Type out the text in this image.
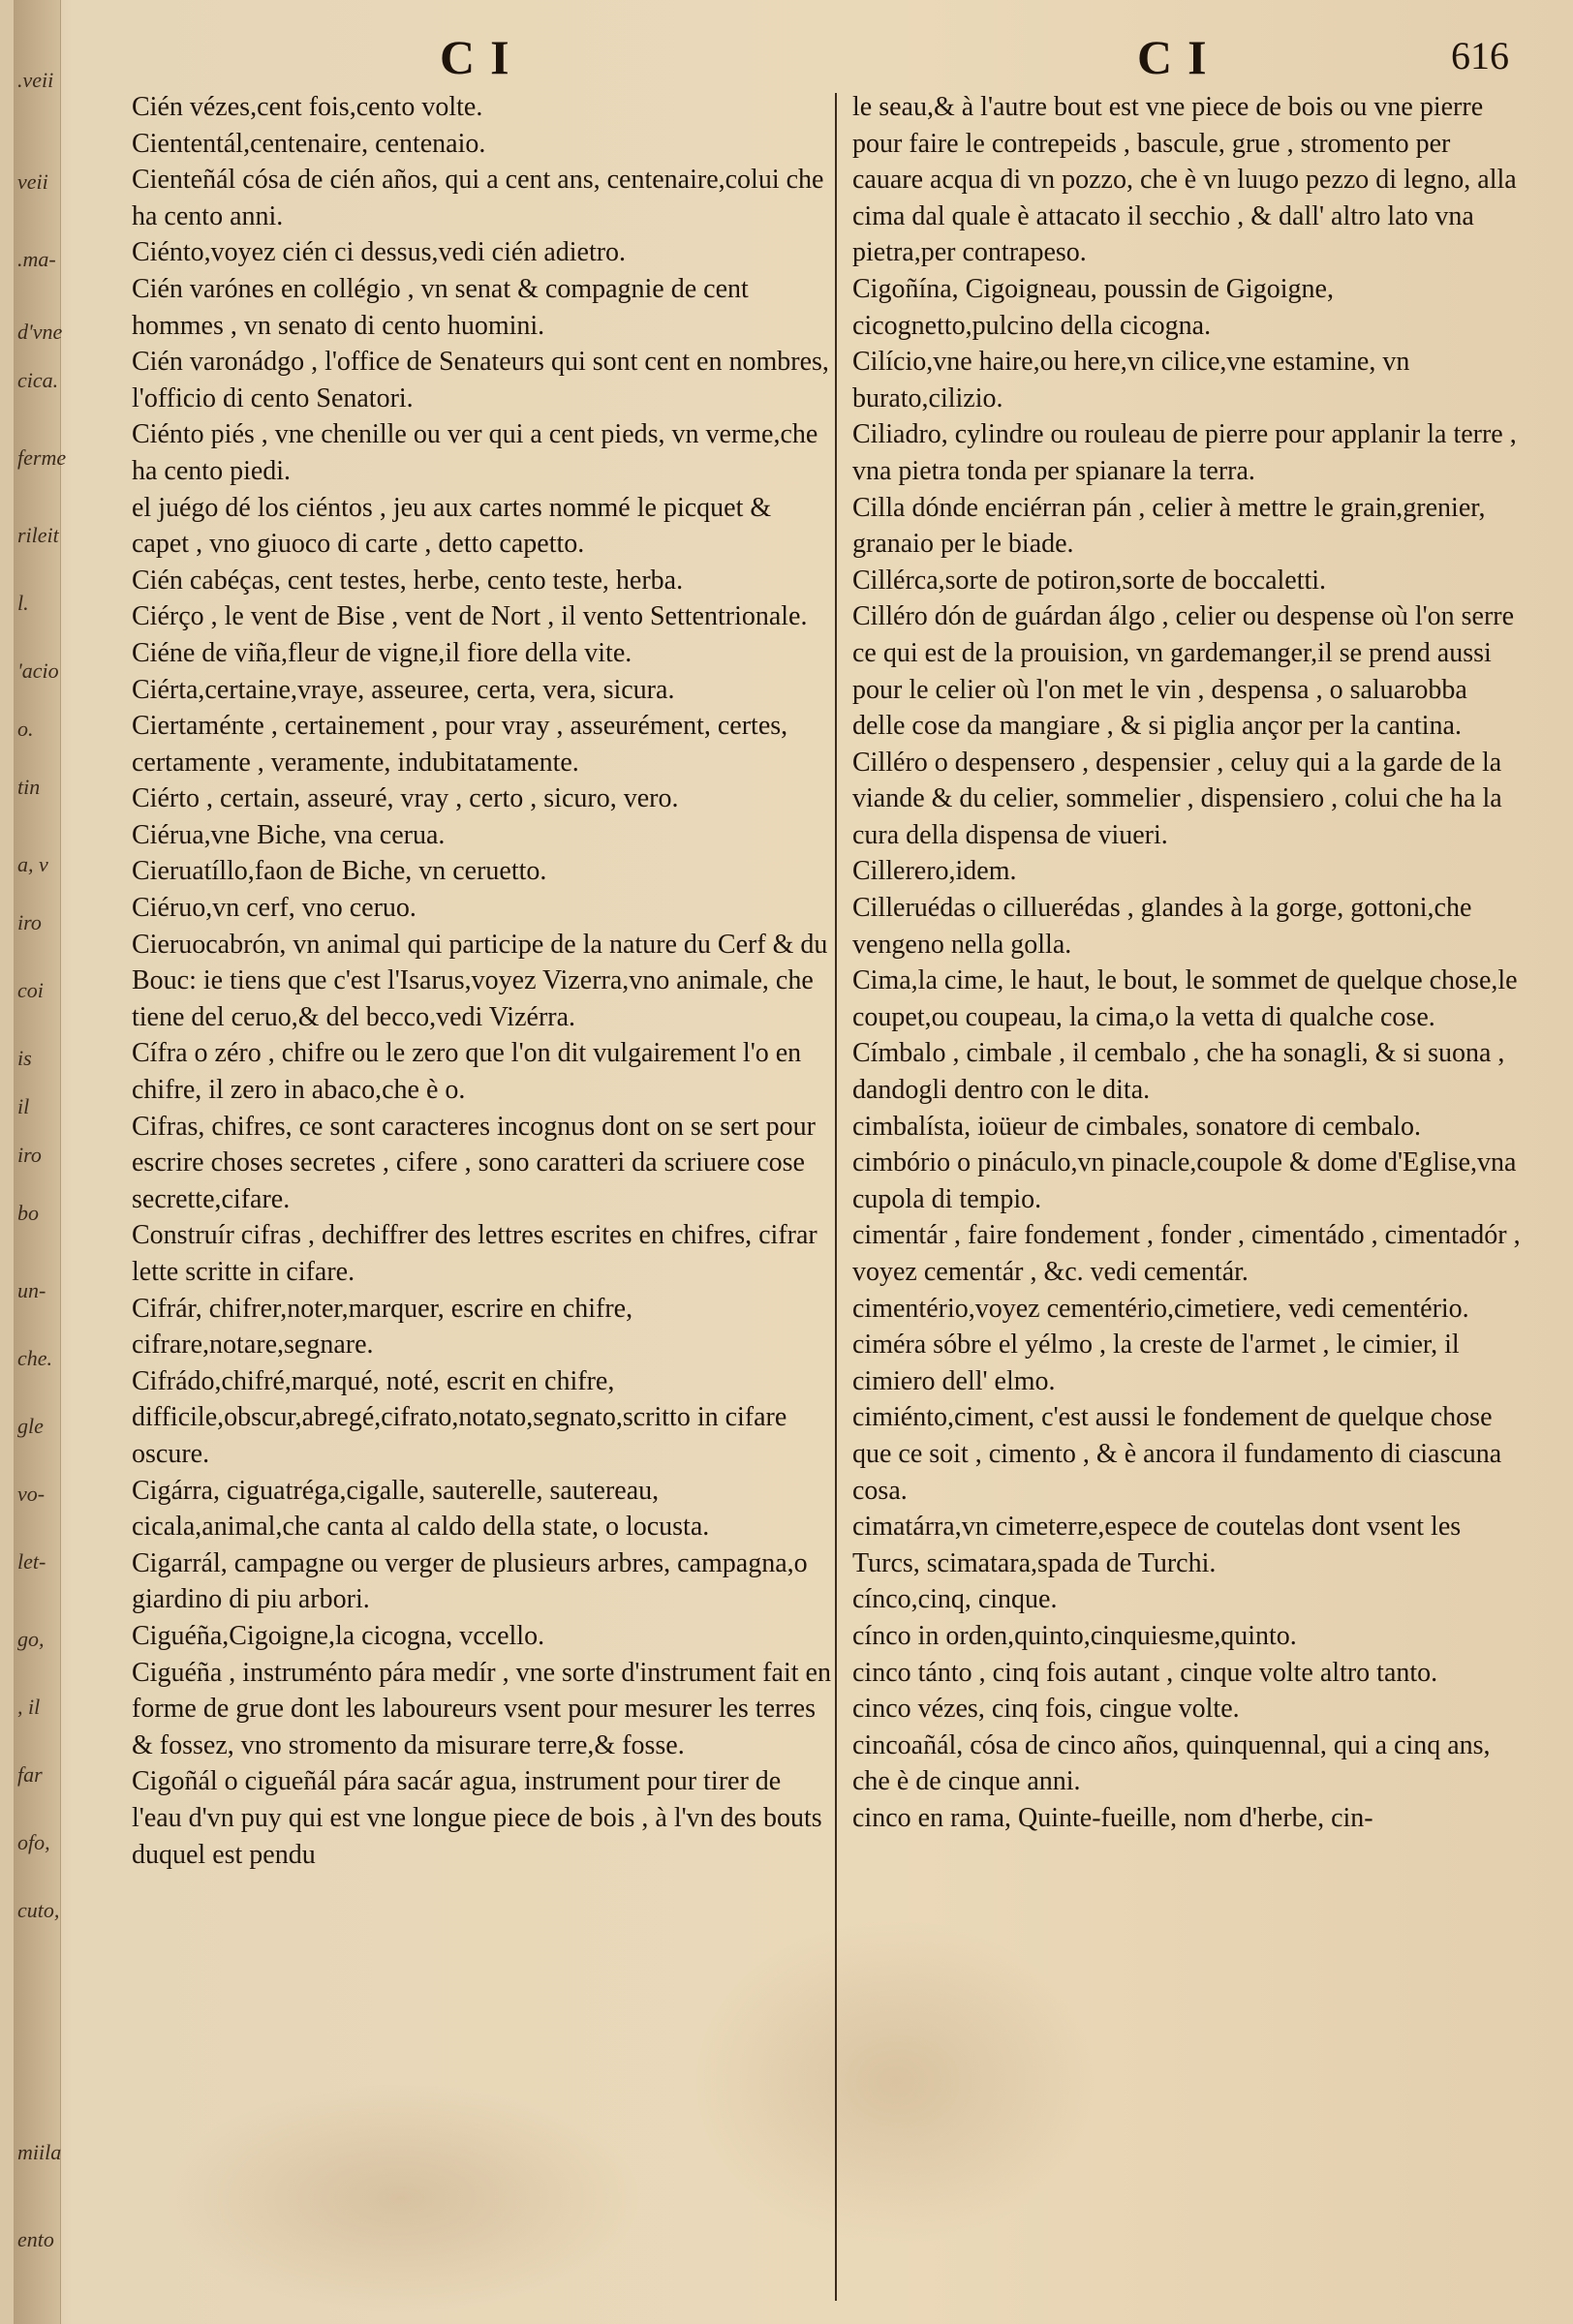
.veii
veii
.ma-
d'vne
cica.
ferme
rileit
l.
'acio
o.
tin
a, v
iro
coi
is
il
iro
bo
un-
che.
gle
vo-
let-
go,
, il
far
ofo,
cuto,
miila
ento
CI	CI	616

Cién vézes,cent fois,cento volte.

Ciententál,centenaire, centenaio.

Cienteñál cósa de cién años, qui a cent ans, centenaire,colui che ha cento anni.

Ciénto,voyez cién ci dessus,vedi cién adietro.

Cién varónes en collégio , vn senat & compagnie de cent hommes , vn senato di cento huomini.

Cién varonádgo , l'office de Senateurs qui sont cent en nombres, l'officio di cento Senatori.

Ciénto piés , vne chenille ou ver qui a cent pieds, vn verme,che ha cento piedi.

el juégo dé los ciéntos , jeu aux cartes nommé le picquet & capet , vno giuoco di carte , detto capetto.

Cién cabéças, cent testes, herbe, cento teste, herba.

Ciérço , le vent de Bise , vent de Nort , il vento Settentrionale.

Ciéne de viña,fleur de vigne,il fiore della vite.

Ciérta,certaine,vraye, asseuree, certa, vera, sicura.

Ciertaménte , certainement , pour vray , asseurément, certes, certamente , veramente, indubitatamente.

Ciérto , certain, asseuré, vray , certo , sicuro, vero.

Ciérua,vne Biche, vna cerua.

Cieruatíllo,faon de Biche, vn ceruetto.

Ciéruo,vn cerf, vno ceruo.

Cieruocabrón, vn animal qui participe de la nature du Cerf & du Bouc: ie tiens que c'est l'Isarus,voyez Vizerra,vno animale, che tiene del ceruo,& del becco,vedi Vizérra.

Cífra o zéro , chifre ou le zero que l'on dit vulgairement l'o en chifre, il zero in abaco,che è o.

Cifras, chifres, ce sont caracteres incognus dont on se sert pour escrire choses secretes , cifere , sono caratteri da scriuere cose secrette,cifare.

Construír cifras , dechiffrer des lettres escrites en chifres, cifrar lette scritte in cifare.

Cifrár, chifrer,noter,marquer, escrire en chifre, cifrare,notare,segnare.

Cifrádo,chifré,marqué, noté, escrit en chifre, difficile,obscur,abregé,cifrato,notato,segnato,scritto in cifare oscure.

Cigárra, ciguatréga,cigalle, sauterelle, sautereau, cicala,animal,che canta al caldo della state, o locusta.

Cigarrál, campagne ou verger de plusieurs arbres, campagna,o giardino di piu arbori.

Ciguéña,Cigoigne,la cicogna, vccello.

Ciguéña , instruménto pára medír , vne sorte d'instrument fait en forme de grue dont les laboureurs vsent pour mesurer les terres & fossez, vno stromento da misurare terre,& fosse.

Cigoñál o cigueñál pára sacár agua, instrument pour tirer de l'eau d'vn puy qui est vne longue piece de bois , à l'vn des bouts duquel est pendu

le seau,& à l'autre bout est vne piece de bois ou vne pierre pour faire le contrepeids , bascule, grue , stromento per cauare acqua di vn pozzo, che è vn luugo pezzo di legno, alla cima dal quale è attacato il secchio , & dall' altro lato vna pietra,per contrapeso.

Cigoñína, Cigoigneau, poussin de Gigoigne, cicognetto,pulcino della cicogna.

Cilício,vne haire,ou here,vn cilice,vne estamine, vn burato,cilizio.

Ciliadro, cylindre ou rouleau de pierre pour applanir la terre , vna pietra tonda per spianare la terra.

Cilla dónde enciérran pán , celier à mettre le grain,grenier, granaio per le biade.

Cillérca,sorte de potiron,sorte de boccaletti.

Cilléro dón de guárdan álgo , celier ou despense où l'on serre ce qui est de la prouision, vn gardemanger,il se prend aussi pour le celier où l'on met le vin , despensa , o saluarobba delle cose da mangiare , & si piglia ançor per la cantina.

Cilléro o despensero , despensier , celuy qui a la garde de la viande & du celier, sommelier , dispensiero , colui che ha la cura della dispensa de viueri.

Cillerero,idem.

Cilleruédas o cilluerédas , glandes à la gorge, gottoni,che vengeno nella golla.

Cima,la cime, le haut, le bout, le sommet de quelque chose,le coupet,ou coupeau, la cima,o la vetta di qualche cose.

Címbalo , cimbale , il cembalo , che ha sonagli, & si suona , dandogli dentro con le dita.

cimbalísta, ioüeur de cimbales, sonatore di cembalo.

cimbório o pináculo,vn pinacle,coupole & dome d'Eglise,vna cupola di tempio.

cimentár , faire fondement , fonder , cimentádo , cimentadór , voyez cementár , &c. vedi cementár.

cimentério,voyez cementério,cimetiere, vedi cementério.

ciméra sóbre el yélmo , la creste de l'armet , le cimier, il cimiero dell' elmo.

cimiénto,ciment, c'est aussi le fondement de quelque chose que ce soit , cimento , & è ancora il fundamento di ciascuna cosa.

cimatárra,vn cimeterre,espece de coutelas dont vsent les Turcs, scimatara,spada de Turchi.

cínco,cinq, cinque.

cínco in orden,quinto,cinquiesme,quinto.

cinco tánto , cinq fois autant , cinque volte altro tanto.

cinco vézes, cinq fois, cingue volte.

cincoañál, cósa de cinco años, quinquennal, qui a cinq ans, che è de cinque anni.

cinco en rama, Quinte-fueille, nom d'herbe, cin-
